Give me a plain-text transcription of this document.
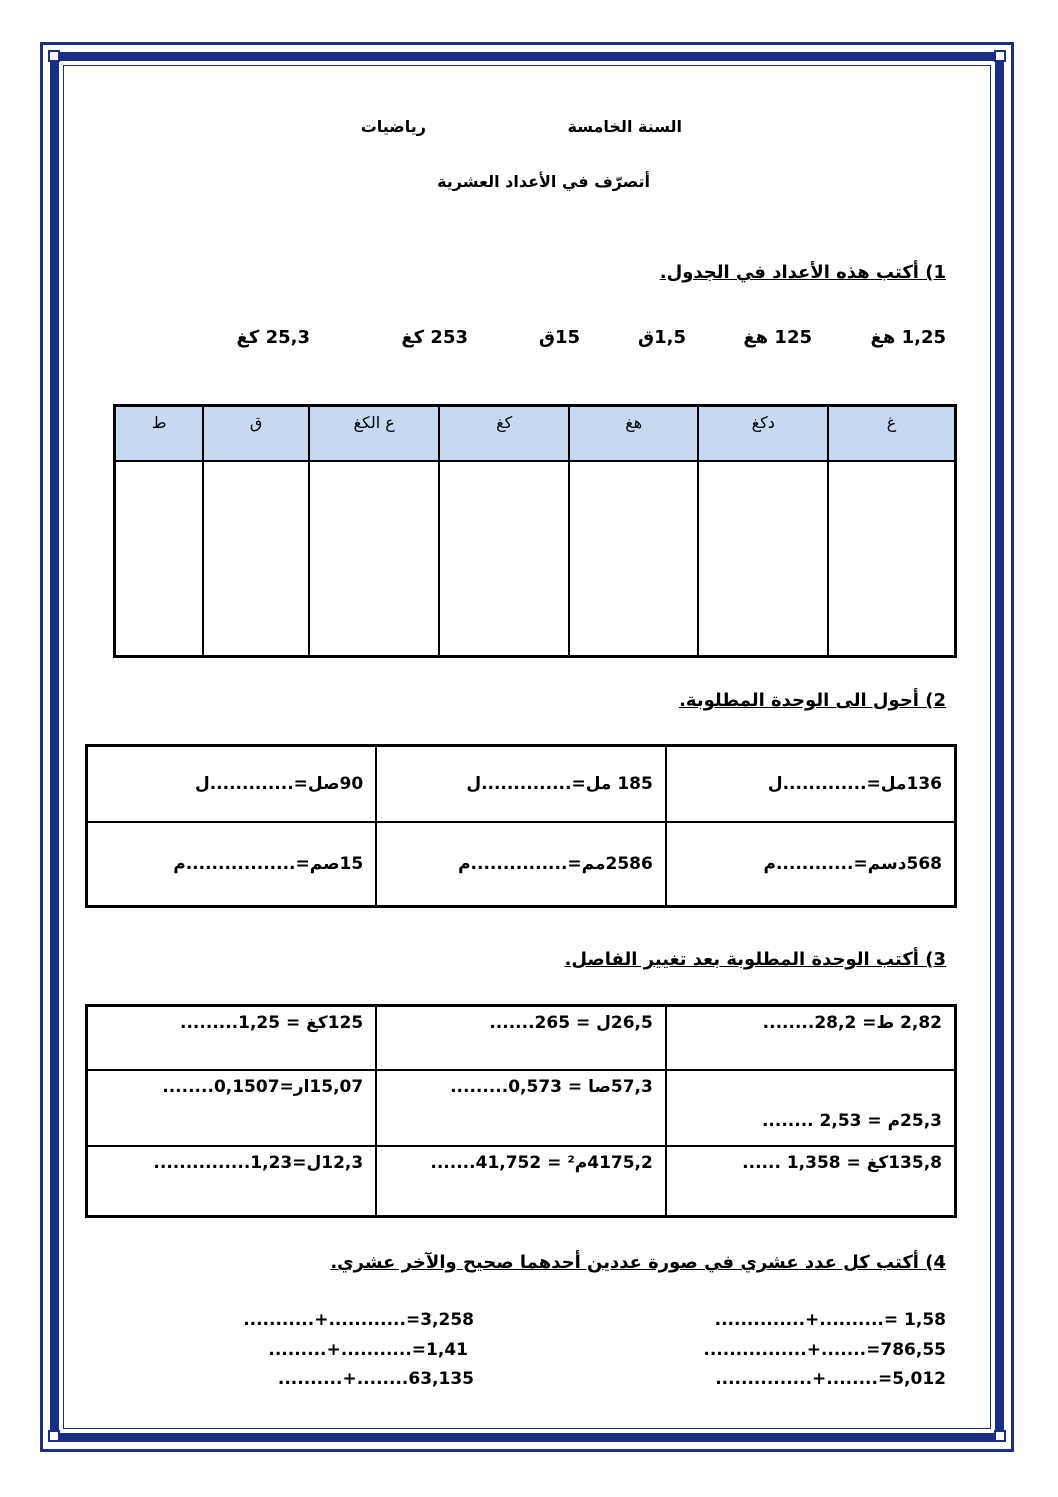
السنة الخامسة
رياضيات
أتصرّف في الأعداد العشرية
1) أكتب هذه الأعداد في الجدول.
1,25 هغ
125 هغ
1,5ق
15ق
253 كغ
25,3 كغ
غ	دكغ	هغ	كغ	ع الكغ	ق	ط

2) أحول الى الوحدة المطلوبة.
136مل=.............ل	185 مل=..............ل	90صل=.............ل
568دسم=............م	2586مم=...............م	15صم=.................م
3) أكتب الوحدة المطلوبة بعد تغيير الفاصل.
2,82 ط= 28,2........	26,5ل = 265.......	125كغ = 1,25.........
25,3م = 2,53 ........	57,3صا = 0,573.........	15,07ار=0,1507........
135,8كغ = 1,358 ......	4175,2م² = 41,752.......	12,3ل=1,23...............
4) أكتب كل عدد عشري في صورة عددين أحدهما صحيح والآخر عشري.
1,58 =..........+..............
786,55=.......+................
5,012=........+...............
3,258=............+...........
1,41=...........+.........
63,135........+..........
